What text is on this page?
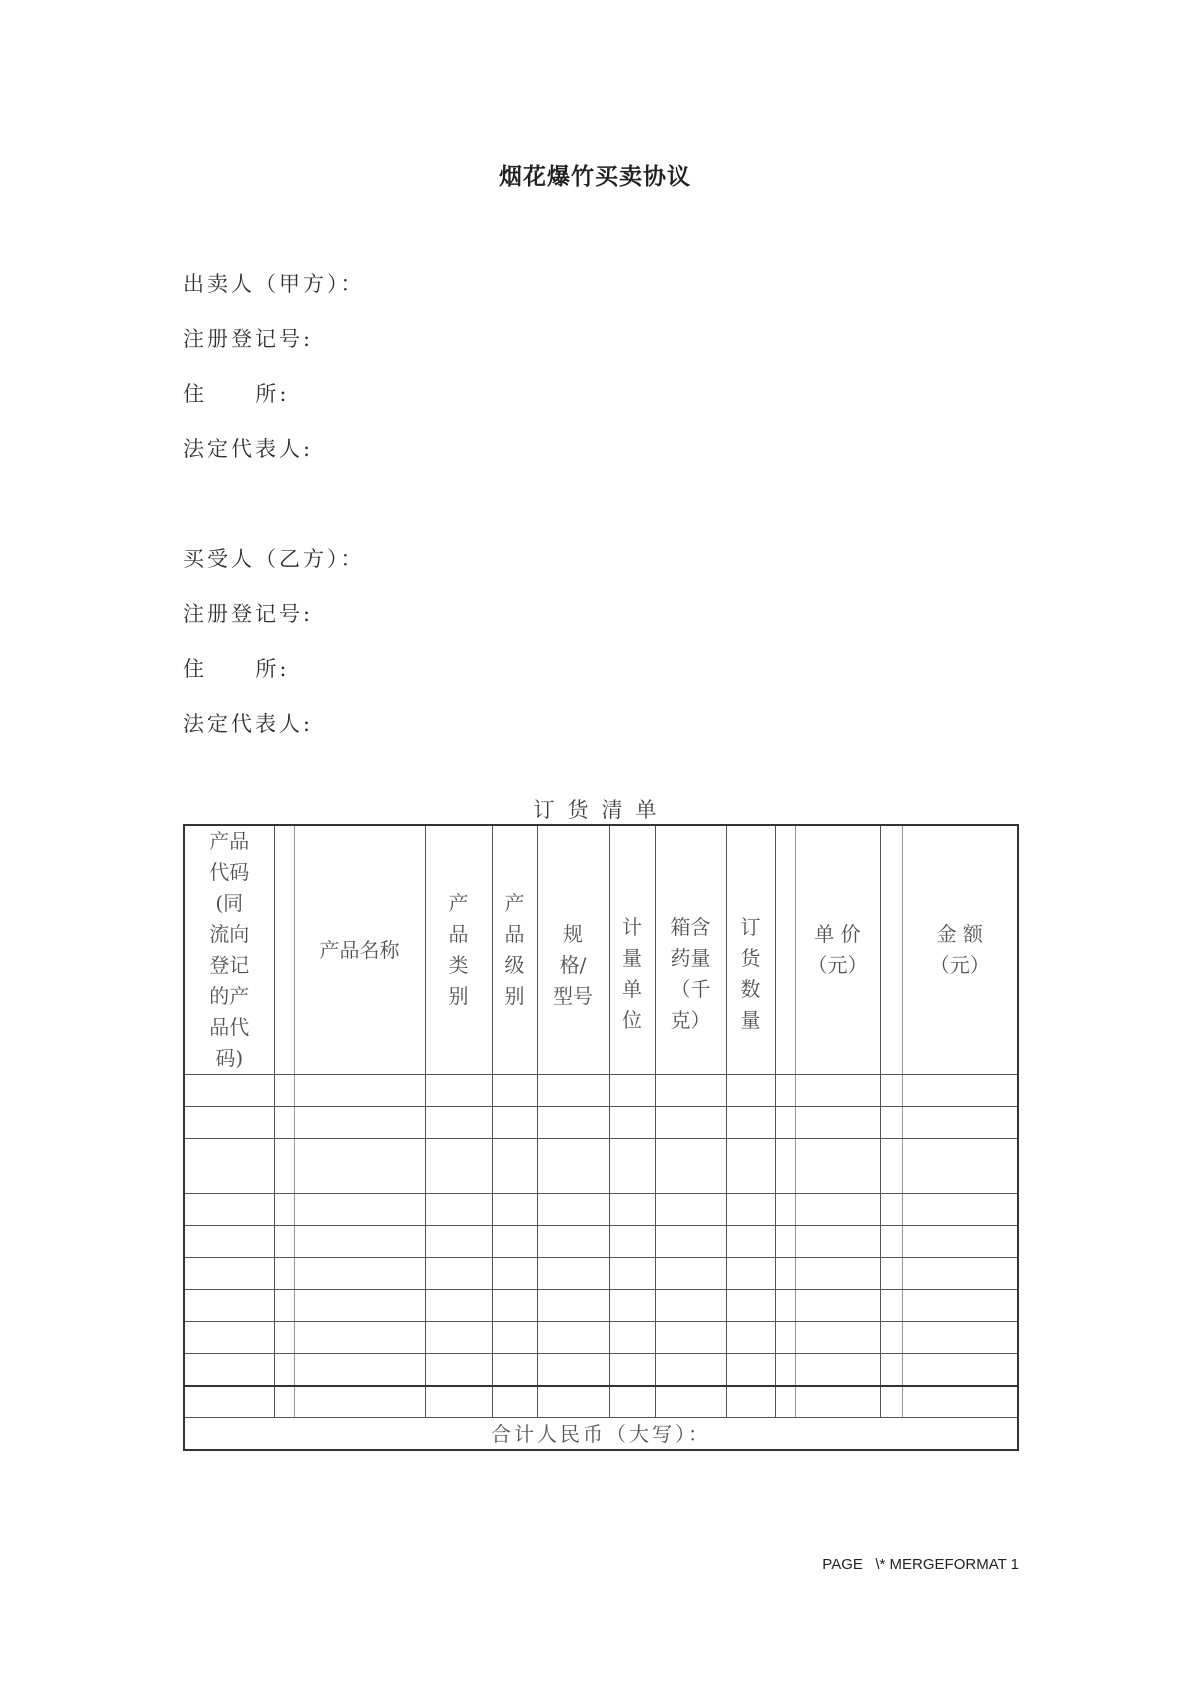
烟花爆竹买卖协议
出卖人（甲方）：
注册登记号:
住     所:
法定代表人:
买受人（乙方）：
注册登记号:
住     所:
法定代表人:
订货清单
产品代码(同流向登记的产品代码)		产品名称	产品类别	产品 级别	规格/型号	计量单位	箱含药量（千克）	订货数量		单 价（元）		金 额（元）

合计人民币（大写）：												
PAGE   \* MERGEFORMAT 1
